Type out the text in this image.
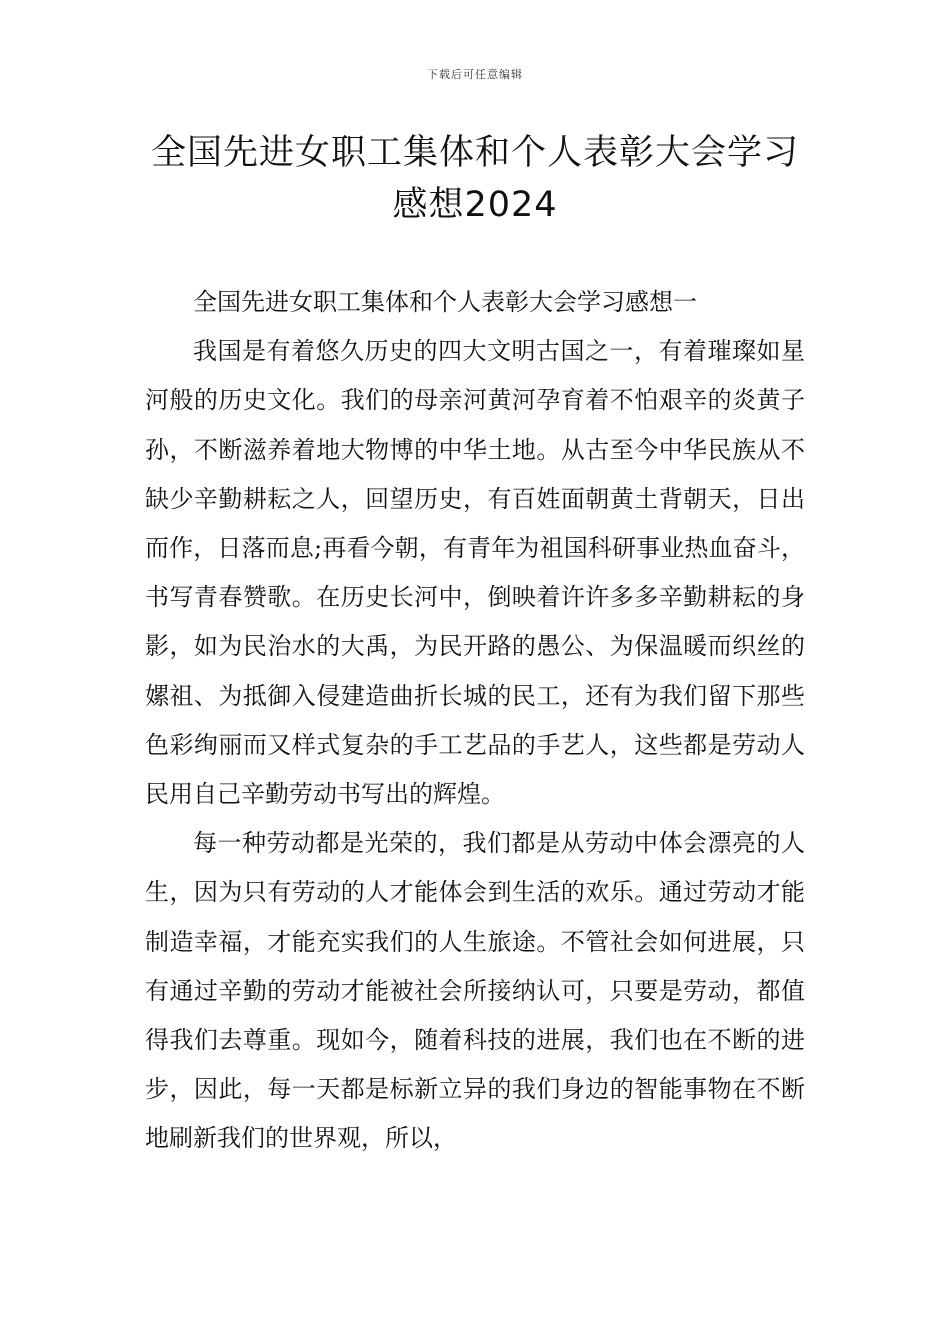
下载后可任意编辑
全国先进女职工集体和个人表彰大会学习感想2024

全国先进女职工集体和个人表彰大会学习感想一

我国是有着悠久历史的四大文明古国之一，有着璀璨如星河般的历史文化。我们的母亲河黄河孕育着不怕艰辛的炎黄子孙，不断滋养着地大物博的中华土地。从古至今中华民族从不缺少辛勤耕耘之人，回望历史，有百姓面朝黄土背朝天，日出而作，日落而息;再看今朝，有青年为祖国科研事业热血奋斗，书写青春赞歌。在历史长河中，倒映着许许多多辛勤耕耘的身影，如为民治水的大禹，为民开路的愚公、为保温暖而织丝的嫘祖、为抵御入侵建造曲折长城的民工，还有为我们留下那些色彩绚丽而又样式复杂的手工艺品的手艺人，这些都是劳动人民用自己辛勤劳动书写出的辉煌。

每一种劳动都是光荣的，我们都是从劳动中体会漂亮的人生，因为只有劳动的人才能体会到生活的欢乐。通过劳动才能制造幸福，才能充实我们的人生旅途。不管社会如何进展，只有通过辛勤的劳动才能被社会所接纳认可，只要是劳动，都值得我们去尊重。现如今，随着科技的进展，我们也在不断的进步，因此，每一天都是标新立异的我们身边的智能事物在不断地刷新我们的世界观，所以，
